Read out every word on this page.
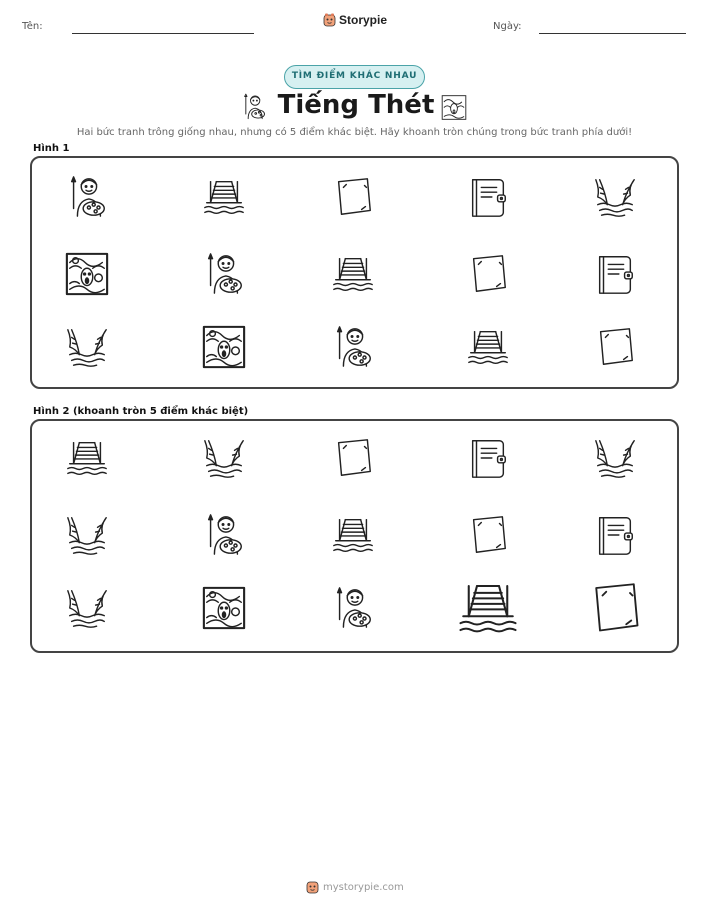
Tên:	Storypie	Ngày:
TÌM ĐIỂM KHÁC NHAU
Tiếng Thét
Hai bức tranh trông giống nhau, nhưng có 5 điểm khác biệt. Hãy khoanh tròn chúng trong bức tranh phía dưới!
Hình 1
Hình 2 (khoanh tròn 5 điểm khác biệt)
mystorypie.com
